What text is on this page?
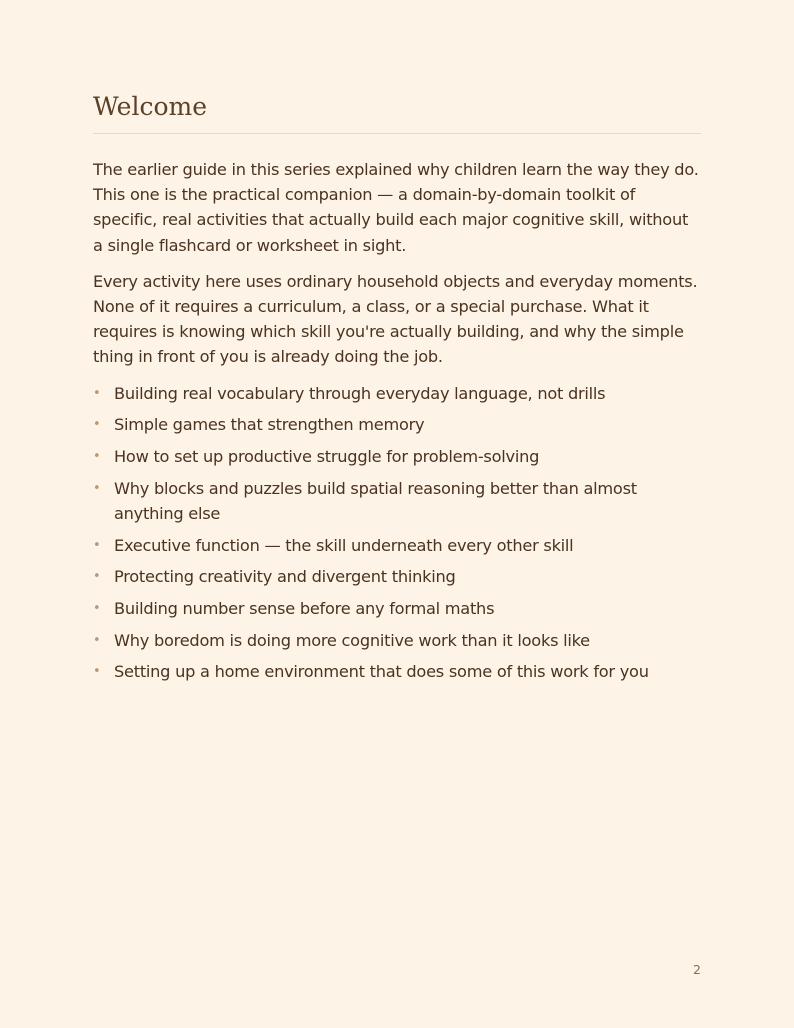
Welcome

The earlier guide in this series explained why children learn the way they do. This one is the practical companion — a domain-by-domain toolkit of specific, real activities that actually build each major cognitive skill, without a single flashcard or worksheet in sight.

Every activity here uses ordinary household objects and everyday moments. None of it requires a curriculum, a class, or a special purchase. What it requires is knowing which skill you're actually building, and why the simple thing in front of you is already doing the job.

• Building real vocabulary through everyday language, not drills
• Simple games that strengthen memory
• How to set up productive struggle for problem-solving
• Why blocks and puzzles build spatial reasoning better than almost anything else
• Executive function — the skill underneath every other skill
• Protecting creativity and divergent thinking
• Building number sense before any formal maths
• Why boredom is doing more cognitive work than it looks like
• Setting up a home environment that does some of this work for you
2
